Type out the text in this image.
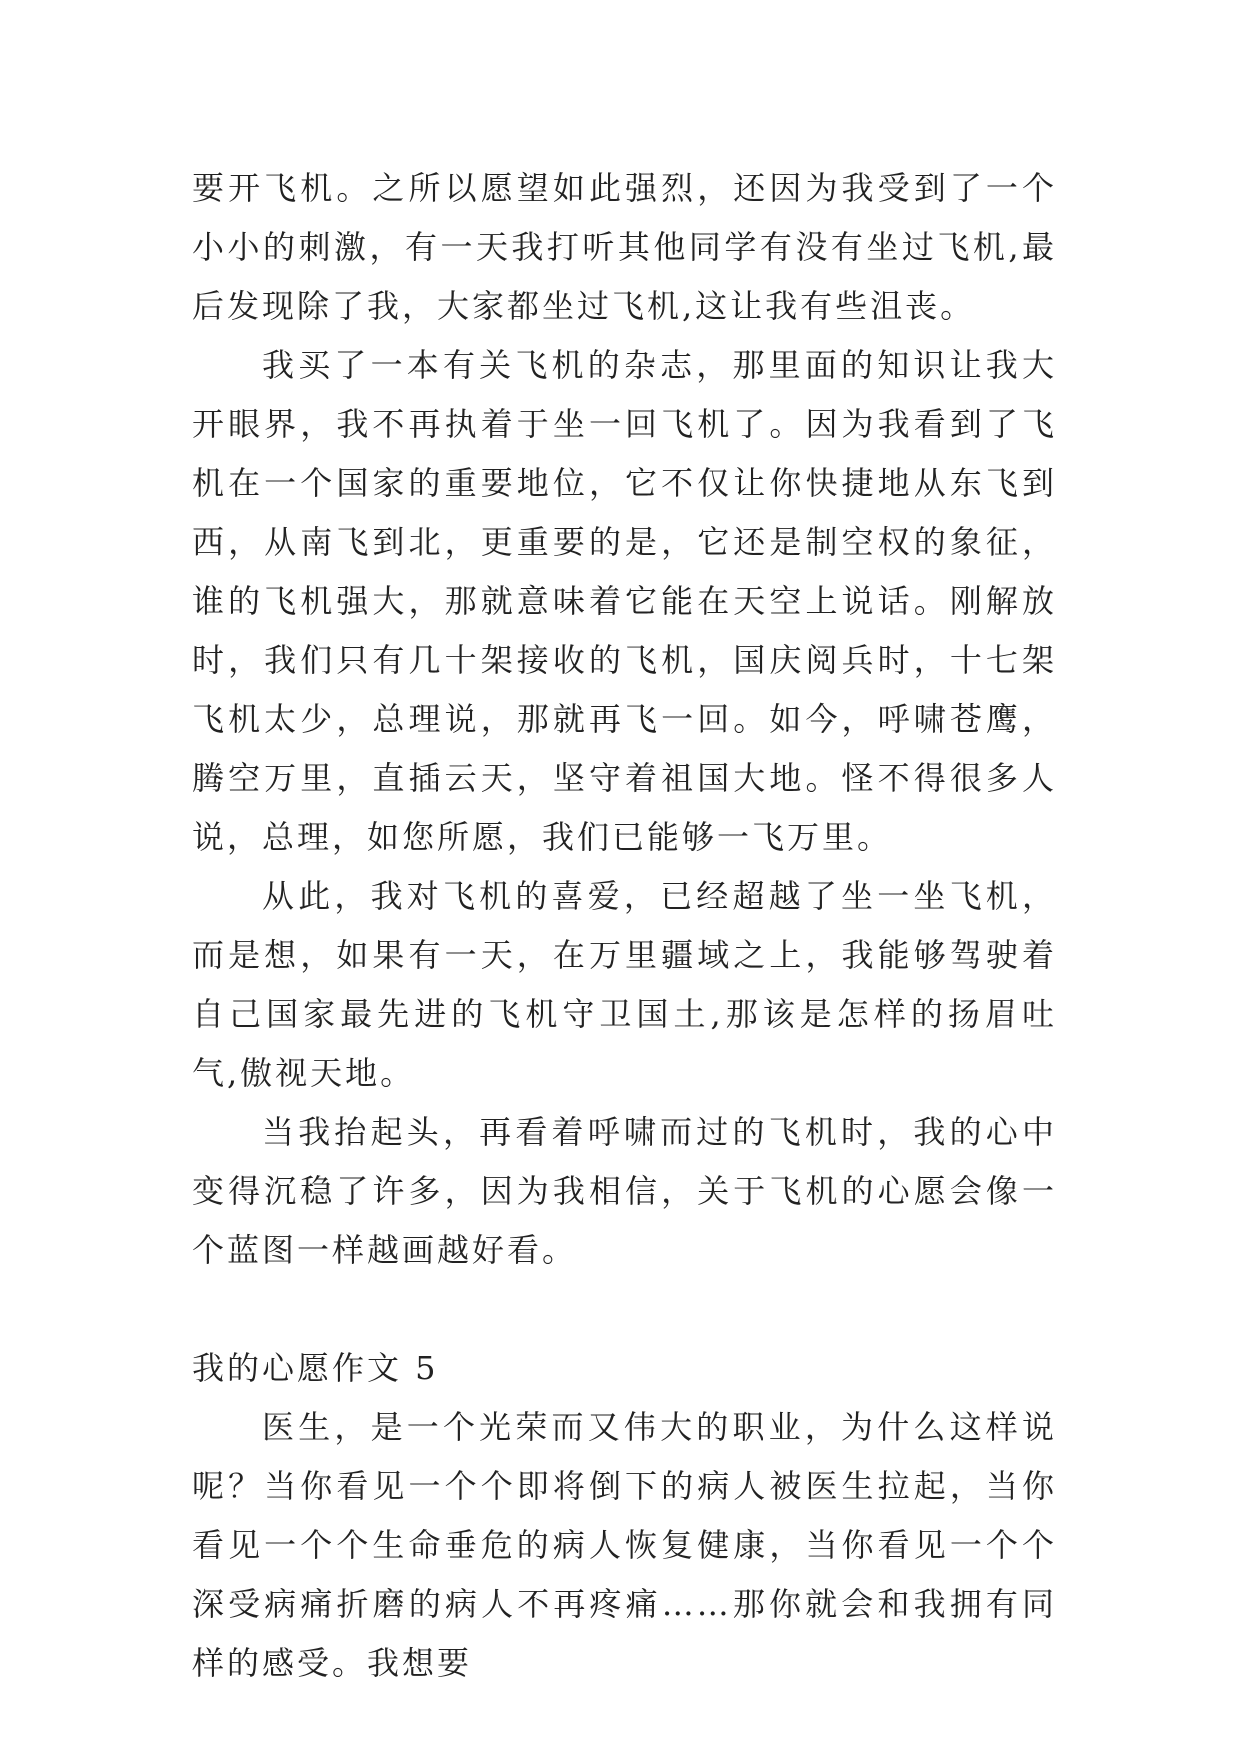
要开飞机。之所以愿望如此强烈，还因为我受到了一个小小的刺激，有一天我打听其他同学有没有坐过飞机,最后发现除了我，大家都坐过飞机,这让我有些沮丧。

我买了一本有关飞机的杂志，那里面的知识让我大开眼界，我不再执着于坐一回飞机了。因为我看到了飞机在一个国家的重要地位，它不仅让你快捷地从东飞到西，从南飞到北，更重要的是，它还是制空权的象征，谁的飞机强大，那就意味着它能在天空上说话。刚解放时，我们只有几十架接收的飞机，国庆阅兵时，十七架飞机太少，总理说，那就再飞一回。如今，呼啸苍鹰，腾空万里，直插云天，坚守着祖国大地。怪不得很多人说，总理，如您所愿，我们已能够一飞万里。

从此，我对飞机的喜爱，已经超越了坐一坐飞机，而是想，如果有一天，在万里疆域之上，我能够驾驶着自己国家最先进的飞机守卫国土,那该是怎样的扬眉吐气,傲视天地。

当我抬起头，再看着呼啸而过的飞机时，我的心中变得沉稳了许多，因为我相信，关于飞机的心愿会像一个蓝图一样越画越好看。

我的心愿作文 5

医生，是一个光荣而又伟大的职业，为什么这样说呢？当你看见一个个即将倒下的病人被医生拉起，当你看见一个个生命垂危的病人恢复健康，当你看见一个个深受病痛折磨的病人不再疼痛……那你就会和我拥有同样的感受。我想要
